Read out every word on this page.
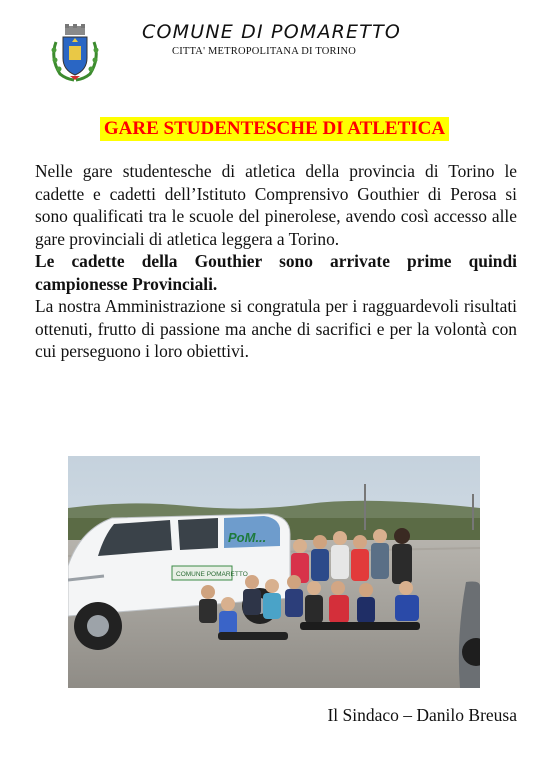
COMUNE DI POMARETTO
CITTA' METROPOLITANA DI TORINO
GARE STUDENTESCHE DI ATLETICA

Nelle gare studentesche di atletica della provincia di Torino le cadette e cadetti dell’Istituto Comprensivo Gouthier di Perosa si sono qualificati tra le scuole del pinerolese, avendo così accesso alle gare provinciali di atletica leggera a Torino.

Le cadette della Gouthier sono arrivate prime quindi campionesse Provinciali.

La nostra Amministrazione si congratula per i ragguardevoli risultati ottenuti, frutto di passione ma anche di sacrifici e per la volontà con cui perseguono i loro obiettivi.

PoM...
COMUNE POMARETTO
Il Sindaco – Danilo Breusa
